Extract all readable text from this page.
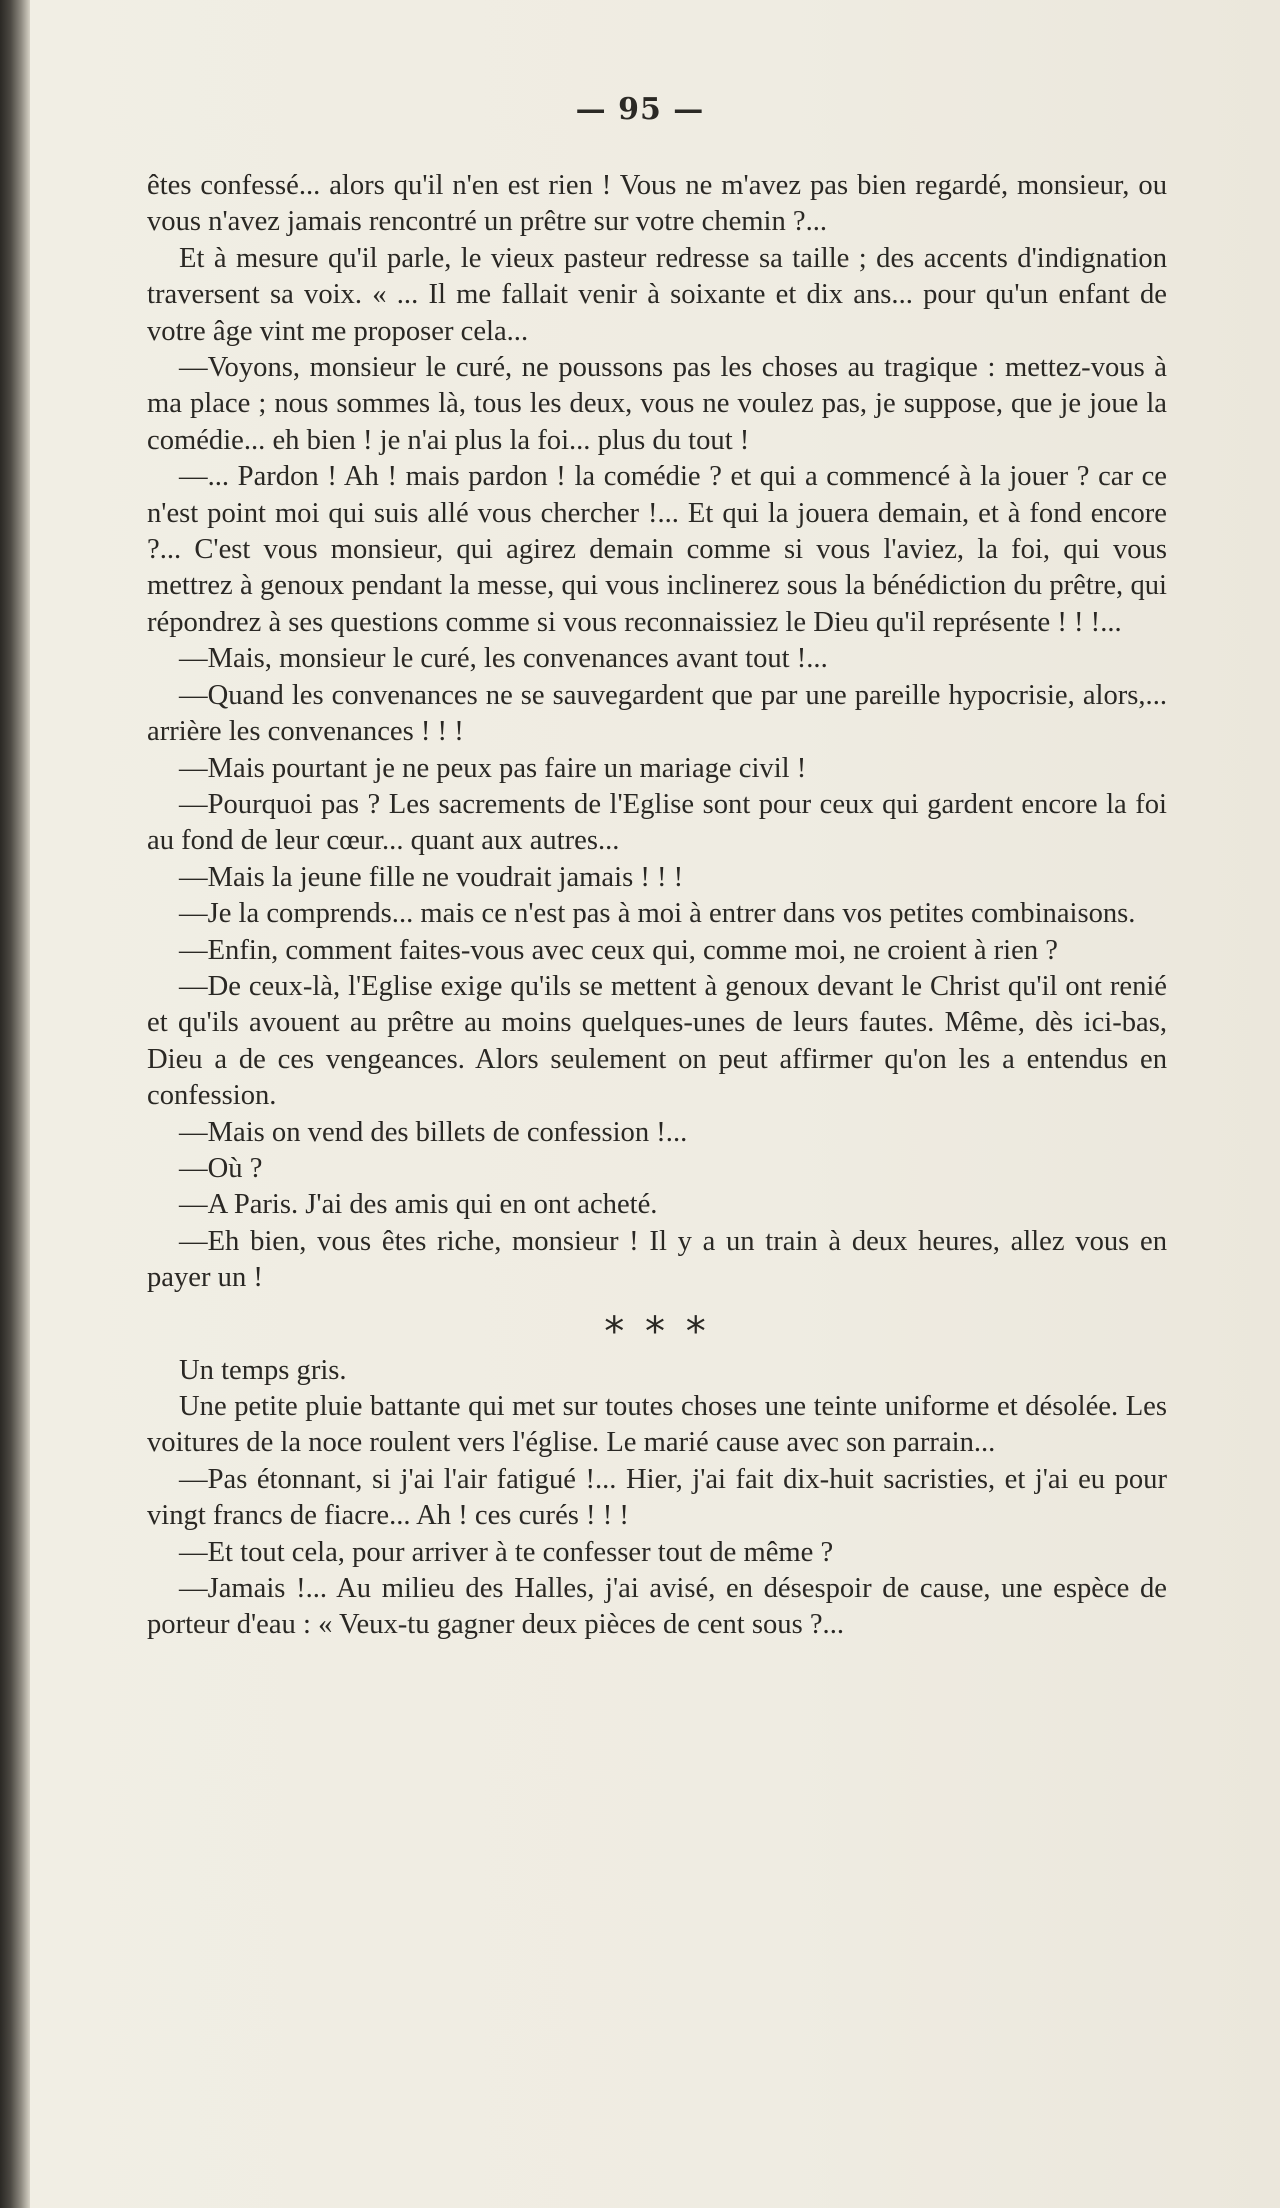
— 95 —

êtes confessé... alors qu'il n'en est rien ! Vous ne m'avez pas bien regardé, monsieur, ou vous n'avez jamais rencontré un prêtre sur votre chemin ?...

Et à mesure qu'il parle, le vieux pasteur redresse sa taille ; des accents d'indignation traversent sa voix. « ... Il me fallait venir à soixante et dix ans... pour qu'un enfant de votre âge vint me proposer cela...

—Voyons, monsieur le curé, ne poussons pas les choses au tragique : mettez-vous à ma place ; nous sommes là, tous les deux, vous ne voulez pas, je suppose, que je joue la comédie... eh bien ! je n'ai plus la foi... plus du tout !

—... Pardon ! Ah ! mais pardon ! la comédie ? et qui a commencé à la jouer ? car ce n'est point moi qui suis allé vous chercher !... Et qui la jouera demain, et à fond encore ?... C'est vous monsieur, qui agirez demain comme si vous l'aviez, la foi, qui vous mettrez à genoux pendant la messe, qui vous inclinerez sous la bénédiction du prêtre, qui répondrez à ses questions comme si vous reconnaissiez le Dieu qu'il représente ! ! !...

—Mais, monsieur le curé, les convenances avant tout !...

—Quand les convenances ne se sauvegardent que par une pareille hypocrisie, alors,... arrière les convenances ! ! !

—Mais pourtant je ne peux pas faire un mariage civil !

—Pourquoi pas ? Les sacrements de l'Eglise sont pour ceux qui gardent encore la foi au fond de leur cœur... quant aux autres...

—Mais la jeune fille ne voudrait jamais ! ! !

—Je la comprends... mais ce n'est pas à moi à entrer dans vos petites combinaisons.

—Enfin, comment faites-vous avec ceux qui, comme moi, ne croient à rien ?

—De ceux-là, l'Eglise exige qu'ils se mettent à genoux devant le Christ qu'il ont renié et qu'ils avouent au prêtre au moins quelques-unes de leurs fautes. Même, dès ici-bas, Dieu a de ces vengeances. Alors seulement on peut affirmer qu'on les a entendus en confession.

—Mais on vend des billets de confession !...

—Où ?

—A Paris. J'ai des amis qui en ont acheté.

—Eh bien, vous êtes riche, monsieur ! Il y a un train à deux heures, allez vous en payer un !

* * *

Un temps gris.

Une petite pluie battante qui met sur toutes choses une teinte uniforme et désolée. Les voitures de la noce roulent vers l'église. Le marié cause avec son parrain...

—Pas étonnant, si j'ai l'air fatigué !... Hier, j'ai fait dix-huit sacristies, et j'ai eu pour vingt francs de fiacre... Ah ! ces curés ! ! !

—Et tout cela, pour arriver à te confesser tout de même ?

—Jamais !... Au milieu des Halles, j'ai avisé, en désespoir de cause, une espèce de porteur d'eau : « Veux-tu gagner deux pièces de cent sous ?...
